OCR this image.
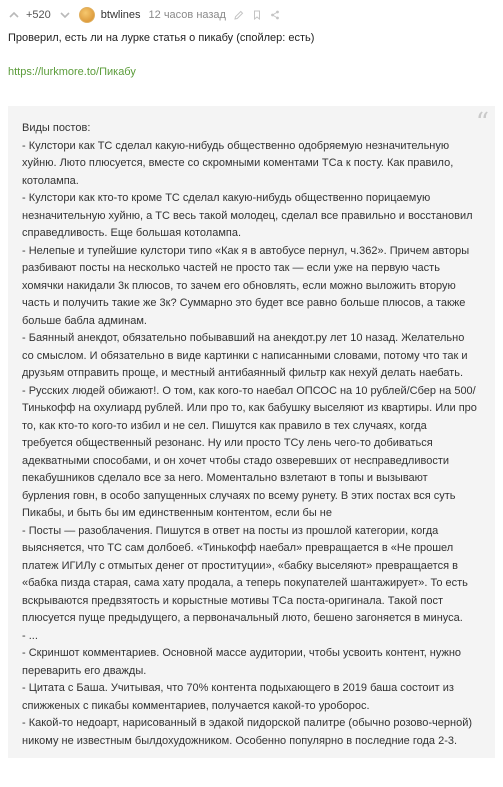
+520	btwlines 12 часов назад
Проверил, есть ли на лурке статья о пикабу (спойлер: есть)
https://lurkmore.to/Пикабу
“
Виды постов:
- Кулстори как ТС сделал какую-нибудь общественно одобряемую незначительную хуйню. Люто плюсуется, вместе со скромными коментами ТСа к посту. Как правило, котолампа.
- Кулстори как кто-то кроме ТС сделал какую-нибудь общественно порицаемую незначительную хуйню, а ТС весь такой молодец, сделал все правильно и восстановил справедливость. Еще большая котолампа.
- Нелепые и тупейшие кулстори типо «Как я в автобусе пернул, ч.362». Причем авторы разбивают посты на несколько частей не просто так — если уже на первую часть хомячки накидали 3к плюсов, то зачем его обновлять, если можно выложить вторую часть и получить такие же 3к? Суммарно это будет все равно больше плюсов, а также больше бабла админам.
- Баянный анекдот, обязательно побывавший на анекдот.ру лет 10 назад. Желательно со смыслом. И обязательно в виде картинки с написанными словами, потому что так и друзьям отправить проще, и местный антибаянный фильтр как нехуй делать наебать.
- Русских людей обижают!. О том, как кого-то наебал ОПСОС на 10 рублей/Сбер на 500/Тинькофф на охулиард рублей. Или про то, как бабушку выселяют из квартиры. Или про то, как кто-то кого-то избил и не сел. Пишутся как правило в тех случаях, когда требуется общественный резонанс. Ну или просто ТСу лень чего-то добиваться адекватными способами, и он хочет чтобы стадо озверевших от несправедливости пекабушников сделало все за него. Моментально взлетают в топы и вызывают бурления говн, в особо запущенных случаях по всему рунету. В этих постах вся суть Пикабы, и быть бы им единственным контентом, если бы не
- Посты — разоблачения. Пишутся в ответ на посты из прошлой категории, когда выясняется, что ТС сам долбоеб. «Тинькофф наебал» превращается в «Не прошел платеж ИГИЛу с отмытых денег от проституции», «бабку выселяют» превращается в «бабка пизда старая, сама хату продала, а теперь покупателей шантажирует». То есть вскрываются предвзятость и корыстные мотивы ТСа поста-оригинала. Такой пост плюсуется пуще предыдущего, а первоначальный люто, бешено загоняется в минуса.
- ...
- Скриншот комментариев. Основной массе аудитории, чтобы усвоить контент, нужно переварить его дважды.
- Цитата с Баша. Учитывая, что 70% контента подыхающего в 2019 баша состоит из спижженых с пикабы комментариев, получается какой-то уроборос.
- Какой-то недоарт, нарисованный в эдакой пидорской палитре (обычно розово-черной) никому не известным былдохудожником. Особенно популярно в последние года 2-3.
